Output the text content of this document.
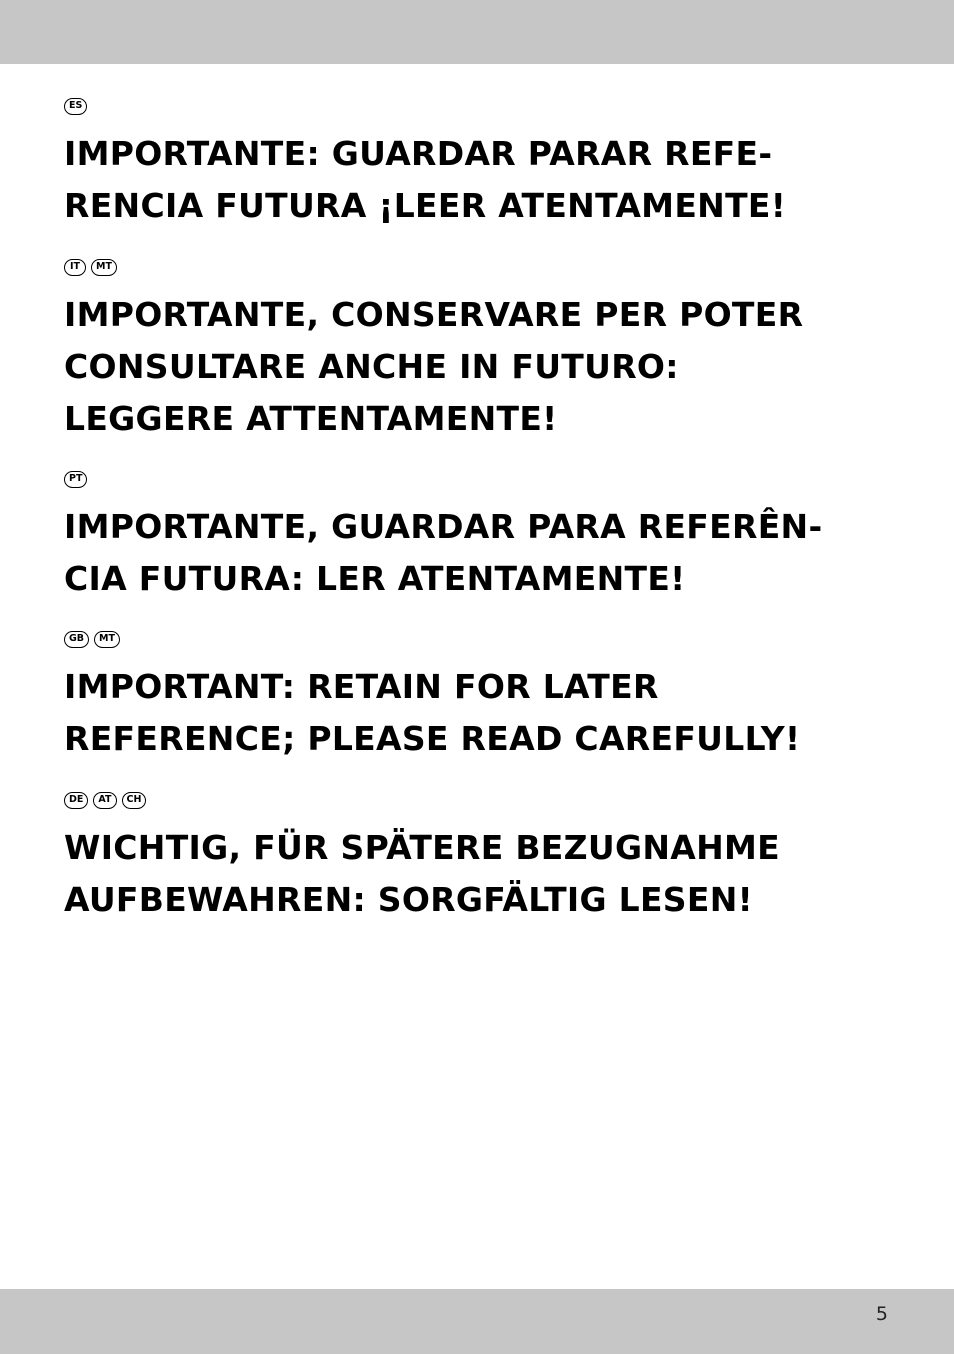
ES
IMPORTANTE: GUARDAR PARAR REFE-
RENCIA FUTURA ¡LEER ATENTAMENTE!
IT	MT
IMPORTANTE, CONSERVARE PER POTER
CONSULTARE ANCHE IN FUTURO:
LEGGERE ATTENTAMENTE!
PT
IMPORTANTE, GUARDAR PARA REFERÊN-
CIA FUTURA: LER ATENTAMENTE!
GB	MT
IMPORTANT: RETAIN FOR LATER
REFERENCE; PLEASE READ CAREFULLY!
DE	AT	CH
WICHTIG, FÜR SPÄTERE BEZUGNAHME
AUFBEWAHREN: SORGFÄLTIG LESEN!
5
